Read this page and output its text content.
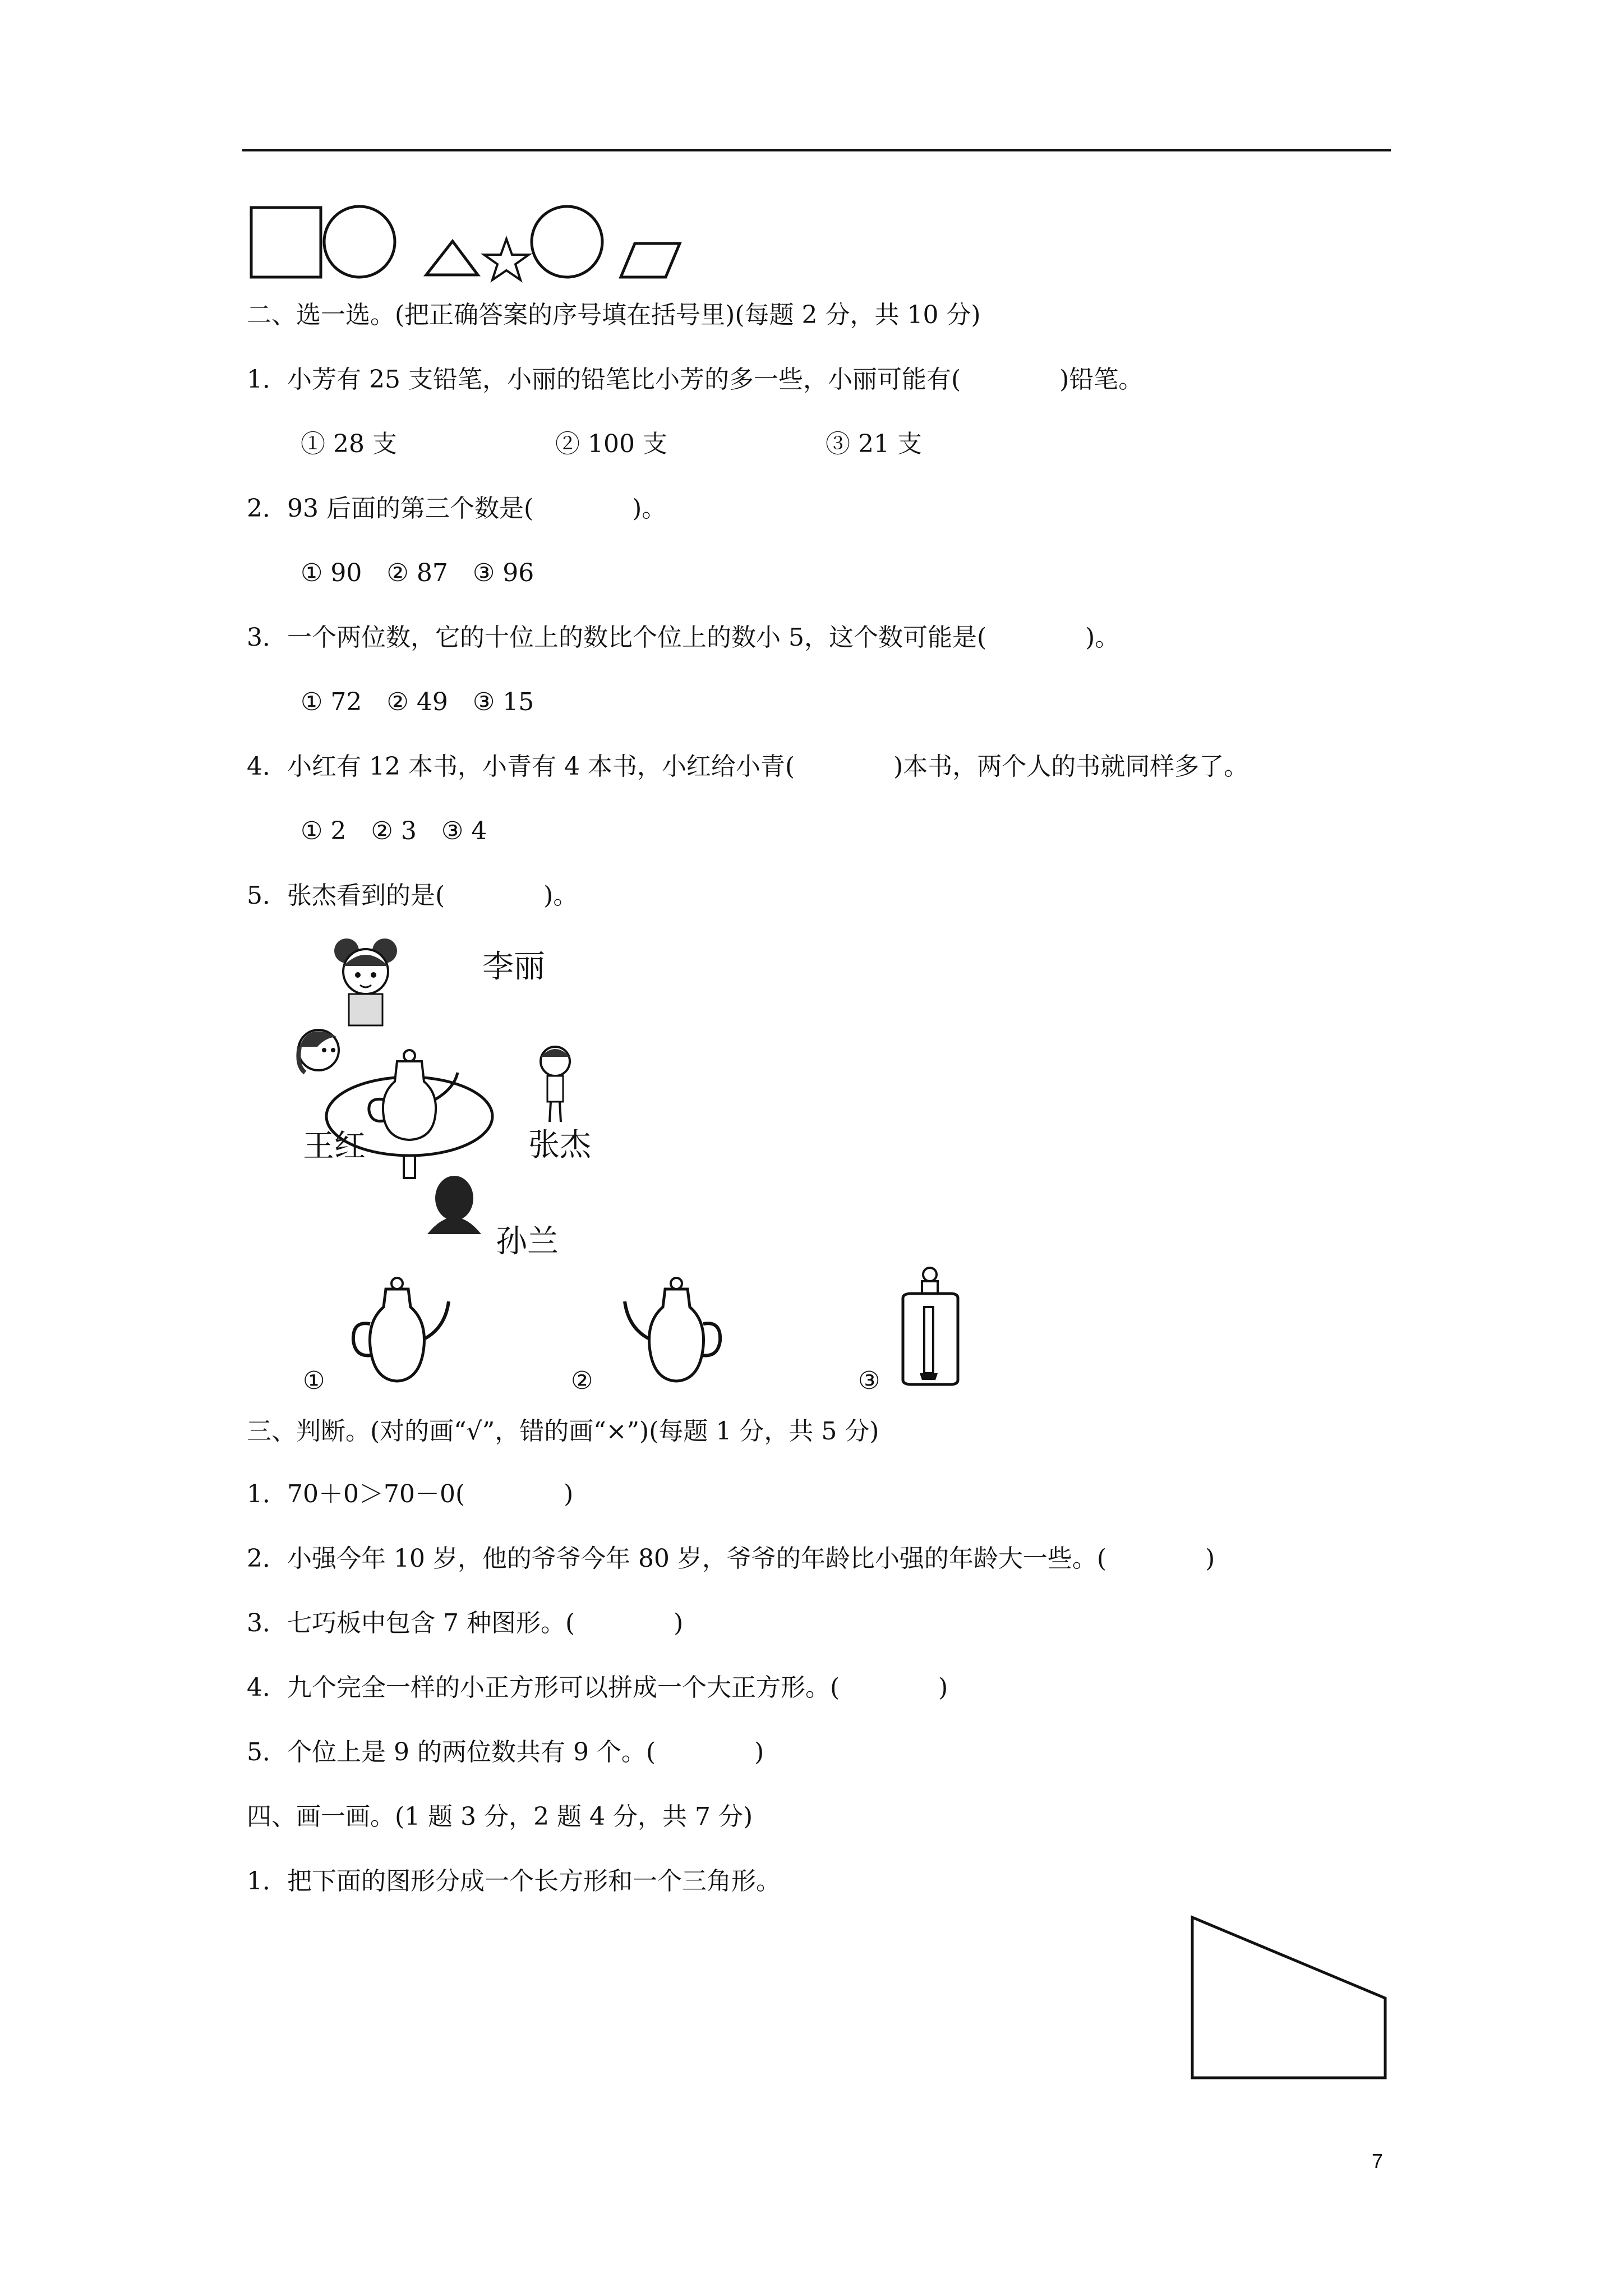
二、选一选。(把正确答案的序号填在括号里)(每题 2 分，共 10 分)
1．小芳有 25 支铅笔，小丽的铅笔比小芳的多一些，小丽可能有(　　　　)铅笔。
① 28 支	② 100 支	③ 21 支
2．93 后面的第三个数是(　　　　)。
① 90　② 87　③ 96
3．一个两位数，它的十位上的数比个位上的数小 5，这个数可能是(　　　　)。
① 72　② 49　③ 15
4．小红有 12 本书，小青有 4 本书，小红给小青(　　　　)本书，两个人的书就同样多了。
① 2　② 3　③ 4
5．张杰看到的是(　　　　)。
李丽
王红	张杰
孙兰
①	②	③
三、判断。(对的画“√”，错的画“×”)(每题 1 分，共 5 分)
1．70＋0＞70－0(　　　　)
2．小强今年 10 岁，他的爷爷今年 80 岁，爷爷的年龄比小强的年龄大一些。(　　　　)
3．七巧板中包含 7 种图形。(　　　　)
4．九个完全一样的小正方形可以拼成一个大正方形。(　　　　)
5．个位上是 9 的两位数共有 9 个。(　　　　)
四、画一画。(1 题 3 分，2 题 4 分，共 7 分)
1．把下面的图形分成一个长方形和一个三角形。
7
